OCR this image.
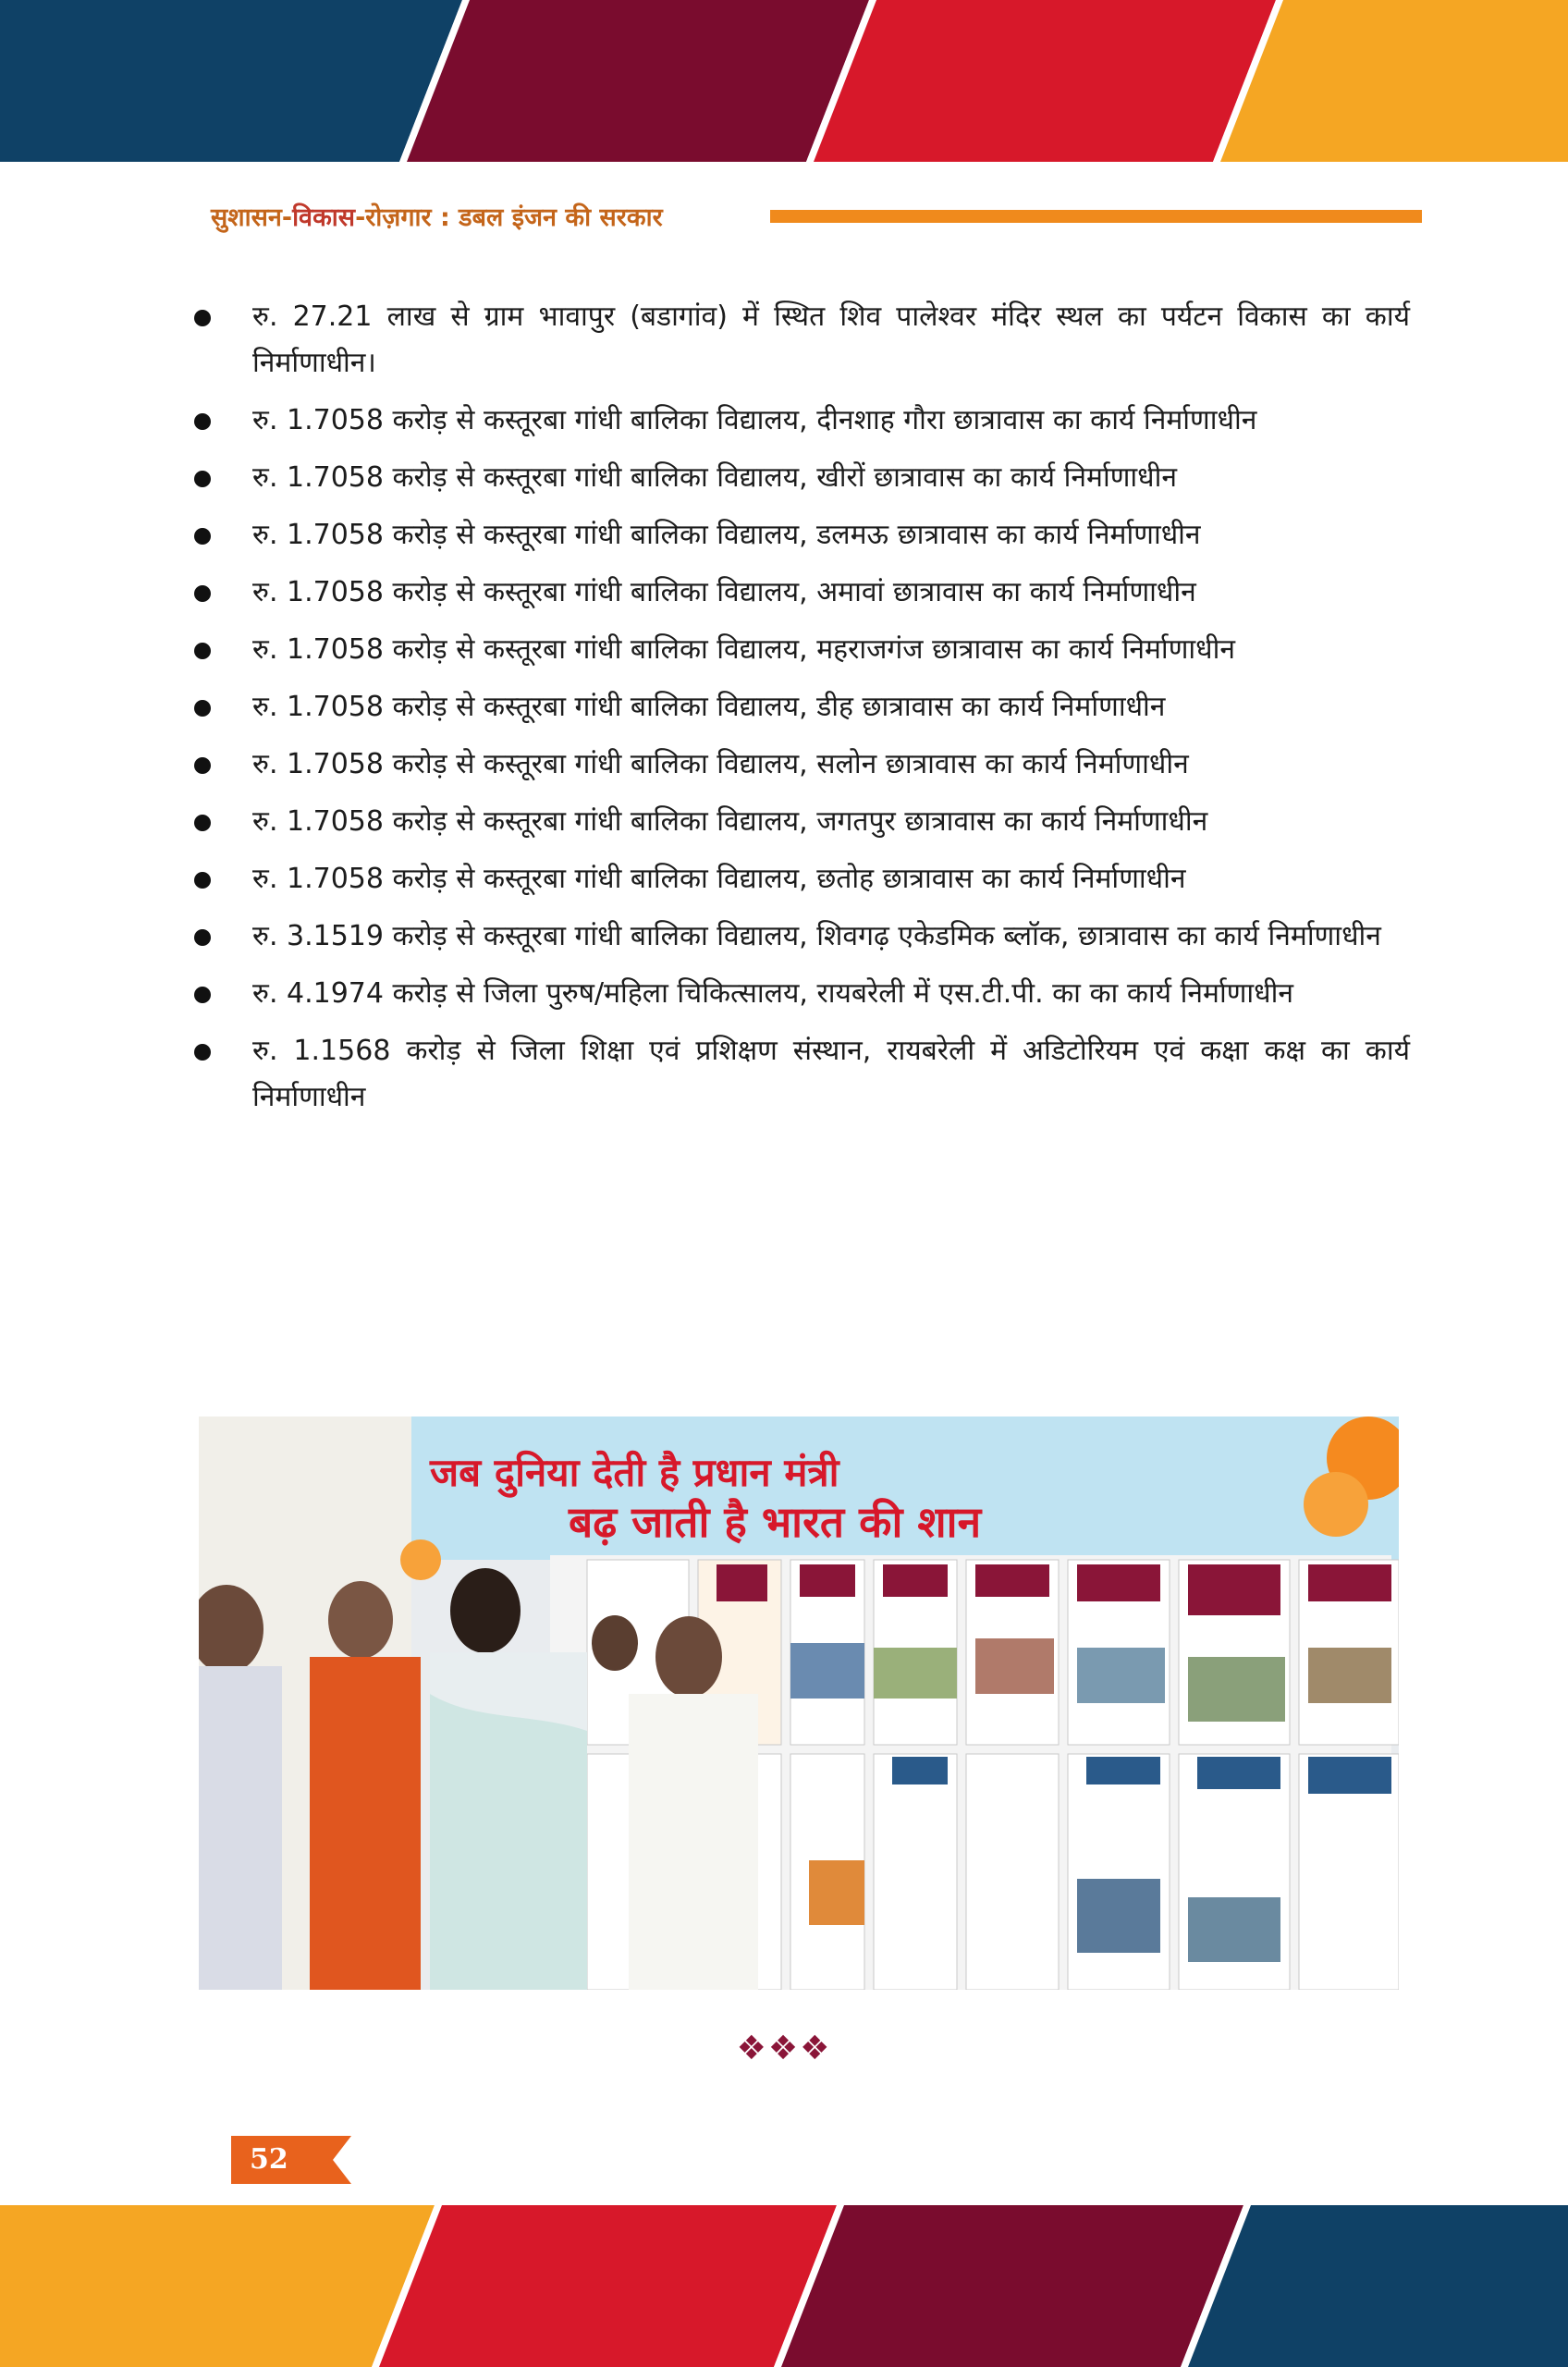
सुशासन-विकास-रोज़गार : डबल इंजन की सरकार
रु. 27.21 लाख से ग्राम भावापुर (बडागांव) में स्थित शिव पालेश्वर मंदिर स्थल का पर्यटन विकास का कार्य निर्माणाधीन।
रु. 1.7058 करोड़ से कस्तूरबा गांधी बालिका विद्यालय, दीनशाह गौरा छात्रावास का कार्य निर्माणाधीन
रु. 1.7058 करोड़ से कस्तूरबा गांधी बालिका विद्यालय, खीरों छात्रावास का कार्य निर्माणाधीन
रु. 1.7058 करोड़ से कस्तूरबा गांधी बालिका विद्यालय, डलमऊ छात्रावास का कार्य निर्माणाधीन
रु. 1.7058 करोड़ से कस्तूरबा गांधी बालिका विद्यालय, अमावां छात्रावास का कार्य निर्माणाधीन
रु. 1.7058 करोड़ से कस्तूरबा गांधी बालिका विद्यालय, महराजगंज छात्रावास का कार्य निर्माणाधीन
रु. 1.7058 करोड़ से कस्तूरबा गांधी बालिका विद्यालय, डीह छात्रावास का कार्य निर्माणाधीन
रु. 1.7058 करोड़ से कस्तूरबा गांधी बालिका विद्यालय, सलोन छात्रावास का कार्य निर्माणाधीन
रु. 1.7058 करोड़ से कस्तूरबा गांधी बालिका विद्यालय, जगतपुर छात्रावास का कार्य निर्माणाधीन
रु. 1.7058 करोड़ से कस्तूरबा गांधी बालिका विद्यालय, छतोह छात्रावास का कार्य निर्माणाधीन
रु. 3.1519 करोड़ से कस्तूरबा गांधी बालिका विद्यालय, शिवगढ़ एकेडमिक ब्लॉक, छात्रावास का कार्य निर्माणाधीन
रु. 4.1974 करोड़ से जिला पुरुष/महिला चिकित्सालय, रायबरेली में एस.टी.पी. का का कार्य निर्माणाधीन
रु. 1.1568 करोड़ से जिला शिक्षा एवं प्रशिक्षण संस्थान, रायबरेली में अडिटोरियम एवं कक्षा कक्ष का कार्य निर्माणाधीन
जब दुनिया देती है प्रधान मंत्री
बढ़ जाती है भारत की शान
❖❖❖
52
